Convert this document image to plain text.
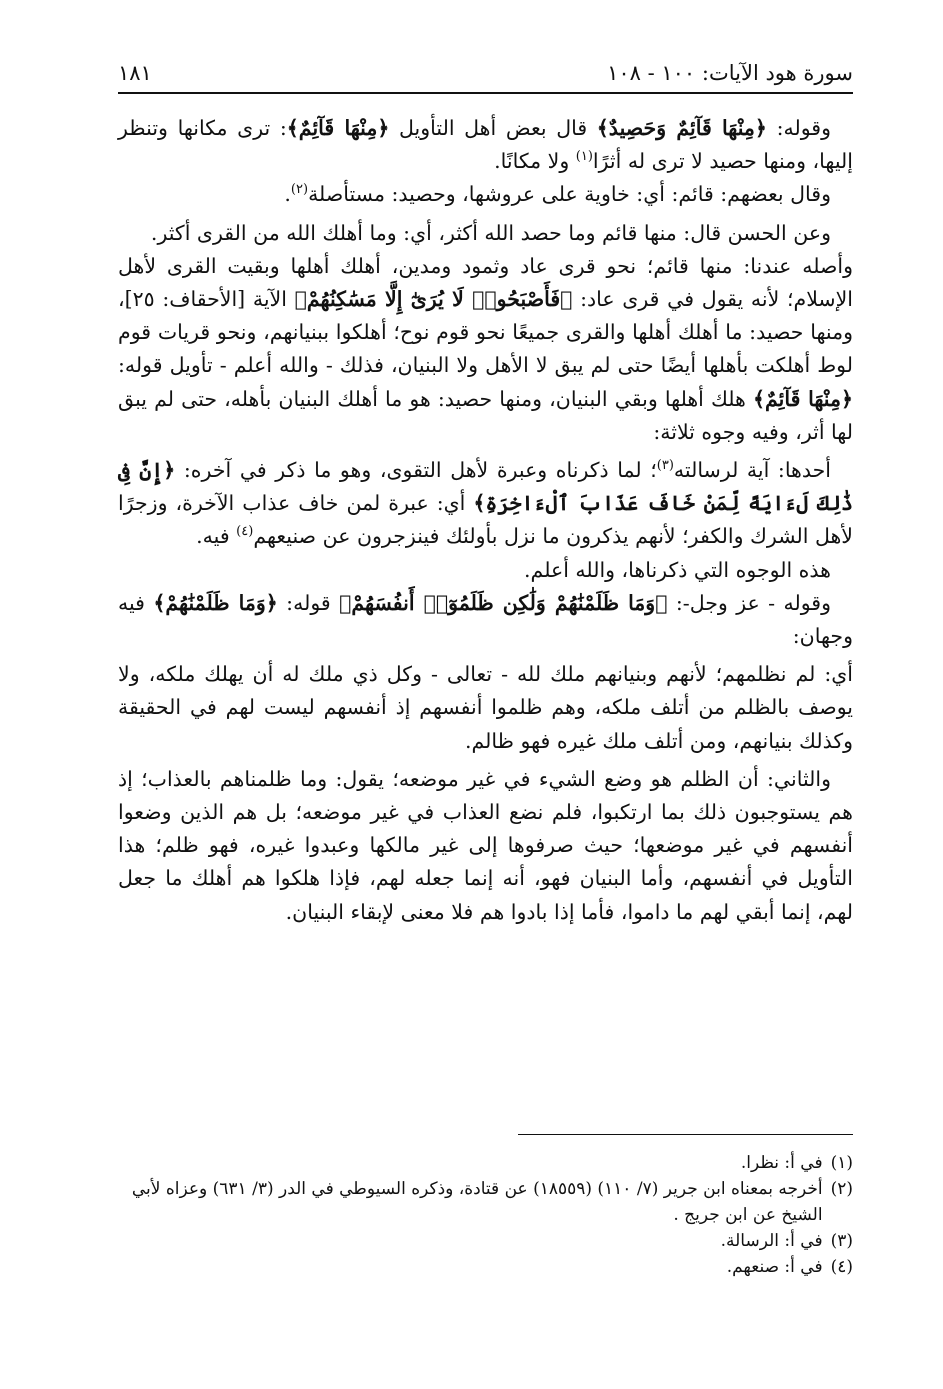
سورة هود الآيات: ١٠٠ - ١٠٨
١٨١

وقوله: ﴿مِنْهَا قَآئِمٌ وَحَصِيدٌ﴾ قال بعض أهل التأويل ﴿مِنْهَا قَآئِمٌ﴾: ترى مكانها وتنظر إليها، ومنها حصيد لا ترى له أثرًا$^{(١)}$ ولا مكانًا.

وقال بعضهم: قائم: أي: خاوية على عروشها، وحصيد: مستأصلة$^{(٢)}$.

وعن الحسن قال: منها قائم وما حصد الله أكثر، أي: وما أهلك الله من القرى أكثر.

وأصله عندنا: منها قائم؛ نحو قرى عاد وثمود ومدين، أهلك أهلها وبقيت القرى لأهل الإسلام؛ لأنه يقول في قرى عاد: ﴿فَأَصْبَحُوا۟ لَا يُرَىٰٓ إِلَّا مَسَٰكِنُهُمْ﴾ الآية [الأحقاف: ٢٥]، ومنها حصيد: ما أهلك أهلها والقرى جميعًا نحو قوم نوح؛ أهلكوا ببنيانهم، ونحو قريات قوم لوط أهلكت بأهلها أيضًا حتى لم يبق لا الأهل ولا البنيان، فذلك - والله أعلم - تأويل قوله: ﴿مِنْهَا قَآئِمٌ﴾ هلك أهلها وبقي البنيان، ومنها حصيد: هو ما أهلك البنيان بأهله، حتى لم يبق لها أثر، وفيه وجوه ثلاثة:

أحدها: آية لرسالته$^{(٣)}$؛ لما ذكرناه وعبرة لأهل التقوى، وهو ما ذكر في آخره: ﴿إِنَّ فِى ذَٰلِكَ لَءَايَةً لِّمَنْ خَافَ عَذَابَ ٱلْءَاخِرَةِ﴾ أي: عبرة لمن خاف عذاب الآخرة، وزجرًا لأهل الشرك والكفر؛ لأنهم يذكرون ما نزل بأولئك فينزجرون عن صنيعهم$^{(٤)}$ فيه.

هذه الوجوه التي ذكرناها، والله أعلم.

وقوله - عز وجل-: ﴿وَمَا ظَلَمْنَٰهُمْ وَلَٰكِن ظَلَمُوٓا۟ أَنفُسَهُمْ﴾ قوله: ﴿وَمَا ظَلَمْنَٰهُمْ﴾ فيه وجهان:

أي: لم نظلمهم؛ لأنهم وبنيانهم ملك لله - تعالى - وكل ذي ملك له أن يهلك ملكه، ولا يوصف بالظلم من أتلف ملكه، وهم ظلموا أنفسهم إذ أنفسهم ليست لهم في الحقيقة وكذلك بنيانهم، ومن أتلف ملك غيره فهو ظالم.

والثاني: أن الظلم هو وضع الشيء في غير موضعه؛ يقول: وما ظلمناهم بالعذاب؛ إذ هم يستوجبون ذلك بما ارتكبوا، فلم نضع العذاب في غير موضعه؛ بل هم الذين وضعوا أنفسهم في غير موضعها؛ حيث صرفوها إلى غير مالكها وعبدوا غيره، فهو ظلم؛ هذا التأويل في أنفسهم، وأما البنيان فهو، أنه إنما جعله لهم، فإذا هلكوا هم أهلك ما جعل لهم، إنما أبقي لهم ما داموا، فأما إذا بادوا هم فلا معنى لإبقاء البنيان.

(١)
في أ: نظرا.
(٢)
أخرجه بمعناه ابن جرير (٧/ ١١٠) (١٨٥٥٩) عن قتادة، وذكره السيوطي في الدر (٣/ ٦٣١) وعزاه لأبي الشيخ عن ابن جريج .
(٣)
في أ: الرسالة.
(٤)
في أ: صنعهم.
